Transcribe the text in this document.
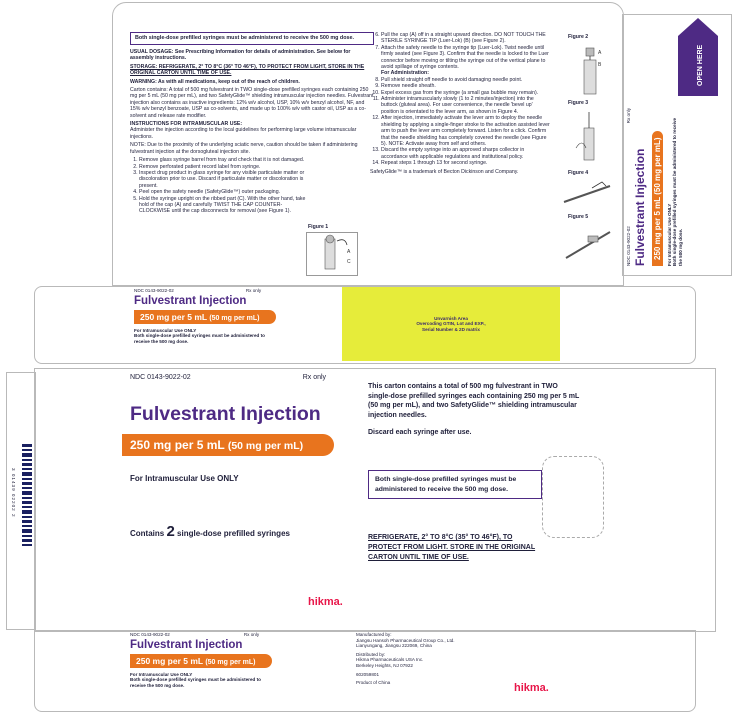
Both single-dose prefilled syringes must be administered to receive the 500 mg dose.

USUAL DOSAGE: See Prescribing Information for details of administration. See below for assembly instructions.

STORAGE: REFRIGERATE, 2° TO 8°C (36° TO 46°F), TO PROTECT FROM LIGHT, STORE IN THE ORIGINAL CARTON UNTIL TIME OF USE.

WARNING: As with all medications, keep out of the reach of children.

Carton contains: A total of 500 mg fulvestrant in TWO single-dose prefilled syringes each containing 250 mg per 5 mL (50 mg per mL), and two SafetyGlide™ shielding intramuscular injection needles. Fulvestrant injection also contains as inactive ingredients: 12% w/v alcohol, USP, 10% w/v benzyl alcohol, NF, and 15% w/v benzyl benzoate, USP as co-solvents, and made up to 100% w/v with castor oil, USP as a co-solvent and release rate modifier.

INSTRUCTIONS FOR INTRAMUSCULAR USE:

Administer the injection according to the local guidelines for performing large volume intramuscular injections.

NOTE: Due to the proximity of the underlying sciatic nerve, caution should be taken if administering fulvestrant injection at the dorsogluteal injection site.

1. Remove glass syringe barrel from tray and check that it is not damaged.
2. Remove perforated patient record label from syringe.
3. Inspect drug product in glass syringe for any visible particulate matter or discoloration prior to use. Discard if particulate matter or discoloration is present.
4. Peel open the safety needle (SafetyGlide™) outer packaging.
5. Hold the syringe upright on the ribbed part (C). With the other hand, take hold of the cap (A) and carefully TWIST THE CAP COUNTER-CLOCKWISE until the cap disconnects for removal (see Figure 1).
Figure 1
A
C
6. Pull the cap (A) off in a straight upward direction. DO NOT TOUCH THE STERILE SYRINGE TIP (Luer-Lok) (B) (see Figure 2).
7. Attach the safety needle to the syringe tip (Luer-Lok). Twist needle until firmly seated (see Figure 3). Confirm that the needle is locked to the Luer connector before moving or tilting the syringe out of the vertical plane to avoid spillage of syringe contents.
For Administration:
8. Pull shield straight off needle to avoid damaging needle point.
9. Remove needle sheath.
10. Expel excess gas from the syringe (a small gas bubble may remain).
11. Administer intramuscularly slowly (1 to 2 minutes/injection) into the buttock (gluteal area). For user convenience, the needle 'bevel up' position is orientated to the lever arm, as shown in Figure 4.
12. After injection, immediately activate the lever arm to deploy the needle shielding by applying a single-finger stroke to the activation assisted lever arm to push the lever arm completely forward. Listen for a click. Confirm that the needle shielding has completely covered the needle (see Figure 5). NOTE: Activate away from self and others.
13. Discard the empty syringe into an approved sharps collector in accordance with applicable regulations and institutional policy.
14. Repeat steps 1 through 13 for second syringe.

SafetyGlide™ is a trademark of Becton Dickinson and Company.

Figure 2
A
B
Figure 3
Figure 4
Figure 5
NDC 0143-9022-02
Rx only
Fulvestrant Injection 250 mg per 5 mL (50 mg per mL) For Intramuscular Use ONLY Both single-dose prefilled syringes must be administered to receive the 500 mg dose.
OPEN HERE
NDC 0143-9022-02	Rx only
Fulvestrant Injection
250 mg per 5 mL (50 mg per mL)
For Intramuscular Use ONLY
Both single-dose prefilled syringes must be administered to receive the 500 mg dose.
Unvarnish Area
Overcoding GTIN, Lot and EXP.,
Serial Number & 2D matrix
3 01439 02202 2
NDC 0143-9022-02	Rx only
Fulvestrant Injection
250 mg per 5 mL (50 mg per mL)
For Intramuscular Use ONLY
Contains 2 single-dose prefilled syringes
hikma.
This carton contains a total of 500 mg fulvestrant in TWO single-dose prefilled syringes each containing 250 mg per 5 mL (50 mg per mL), and two SafetyGlide™ shielding intramuscular injection needles.
Discard each syringe after use.
Both single-dose prefilled syringes must be administered to receive the 500 mg dose.
REFRIGERATE, 2° TO 8°C (35° TO 46°F), TO PROTECT FROM LIGHT. STORE IN THE ORIGINAL CARTON UNTIL TIME OF USE.
NDC 0143-9022-02	Rx only
Fulvestrant Injection
250 mg per 5 mL (50 mg per mL)
For Intramuscular Use ONLY
Both single-dose prefilled syringes must be administered to receive the 500 mg dose.
Manufactured by:
Jiangsu Hansoh Pharmaceutical Group Co., Ltd.
Lianyungang, Jiangsu 222069, China
Distributed by:
Hikma Pharmaceuticals USA Inc.
Berkeley Heights, NJ 07922
602059801
Product of China	hikma.
